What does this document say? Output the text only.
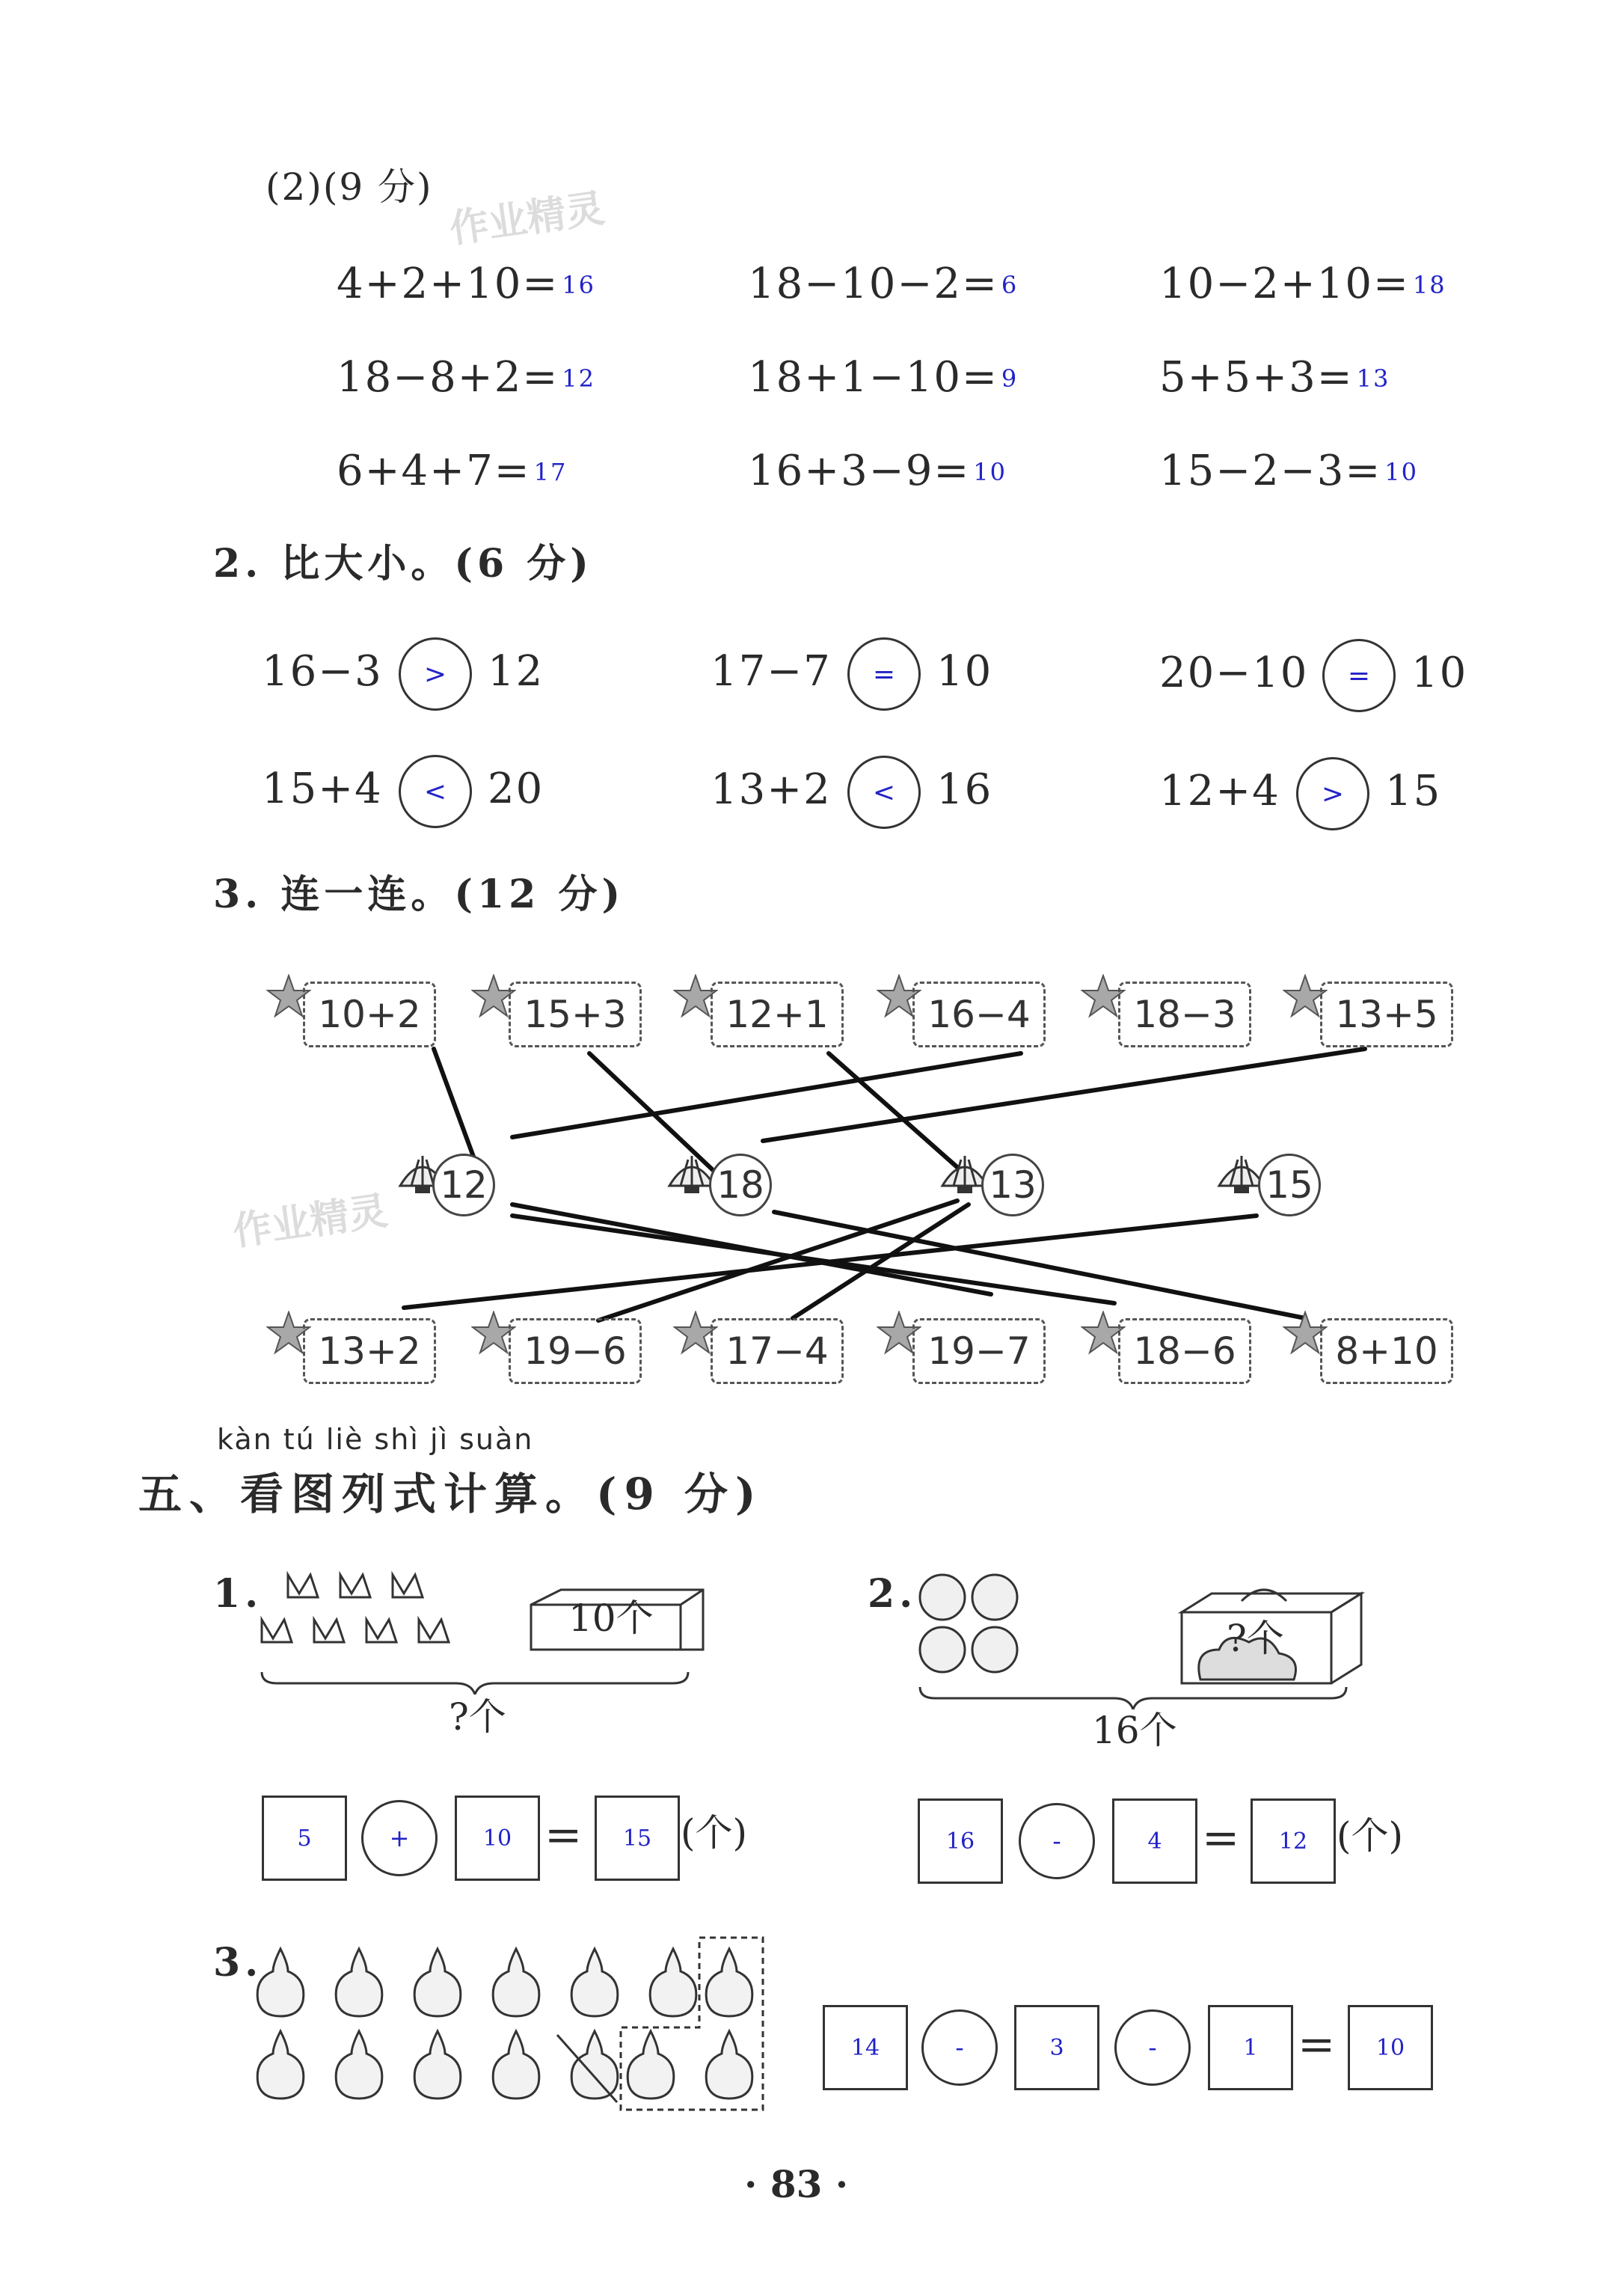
作业精灵
作业精灵
(2)(9 分)
4+2+10= 16	18−10−2= 6	10−2+10= 18
18−8+2= 12	18+1−10= 9	5+5+3= 13
6+4+7= 17	16+3−9= 10	15−2−3= 10
2. 比大小。(6 分)
16−3	> 12	17−7	= 10	20−10	= 10
15+4	< 20	13+2	< 16	12+4	> 15
3. 连一连。(12 分)
10+2	15+3	12+1	16−4	18−3	13+5
12	18	13	15
13+2	19−6	17−4	19−7	18−6	8+10
kàn tú liè shì jì suàn
五、看图列式计算。(9 分)
1.
10个
?个
5	+	10 =	15 (个)
2.
?个
16个
16	-	4 =	12 (个)
3.
14	-	3	-	1 =	10
· 83 ·
